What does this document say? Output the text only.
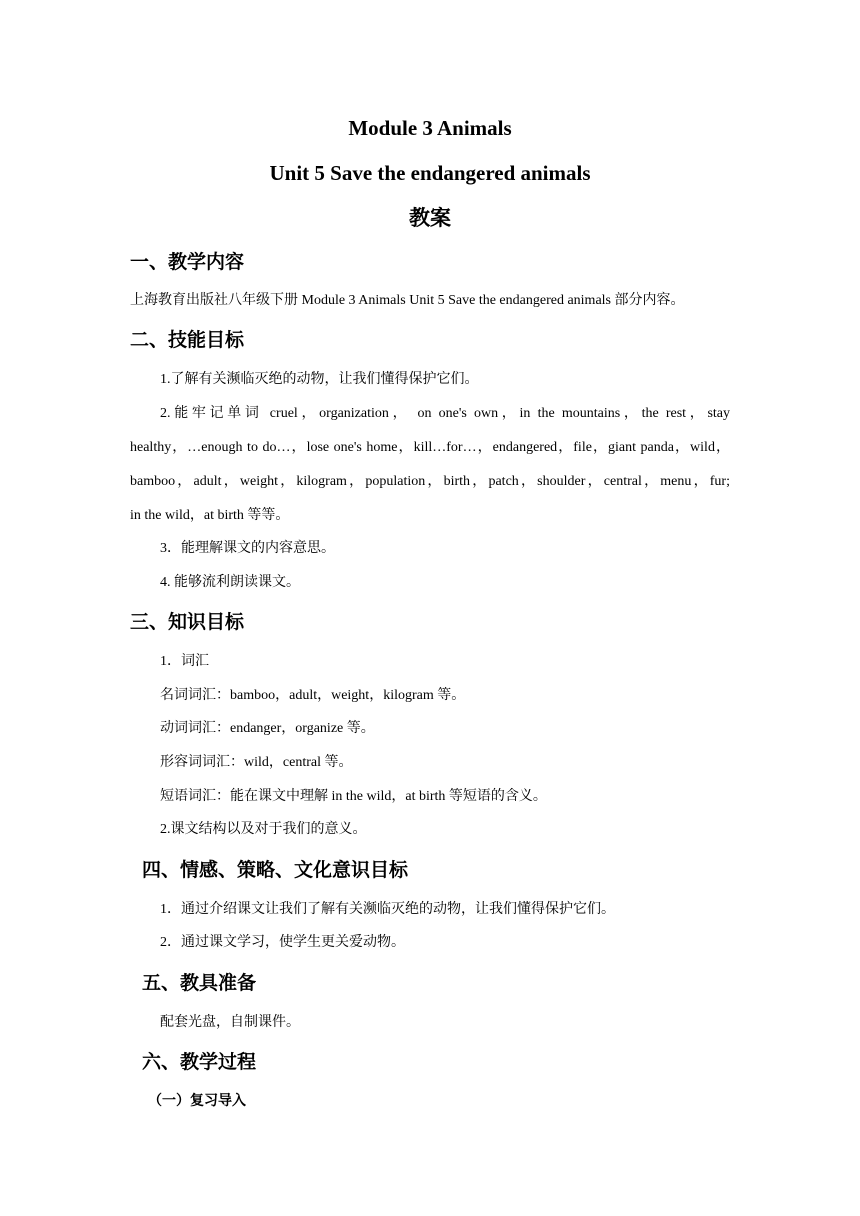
Module 3 Animals
Unit 5 Save the endangered animals
教案
一、教学内容
上海教育出版社八年级下册 Module 3 Animals Unit 5 Save the endangered animals 部分内容。
二、技能目标
1.了解有关濒临灭绝的动物，让我们懂得保护它们。
2.能牢记单词 cruel，organization， on one's own，in the mountains，the rest，stay
healthy，…enough to do…，lose one's home，kill…for…，endangered，file，giant panda，wild，
bamboo，adult，weight，kilogram，population，birth，patch，shoulder，central，menu，fur;
in the wild，at birth 等等。
3．能理解课文的内容意思。
4. 能够流利朗读课文。
三、知识目标
1．词汇
名词词汇：bamboo，adult，weight，kilogram 等。
动词词汇：endanger，organize 等。
形容词词汇：wild，central 等。
短语词汇：能在课文中理解 in the wild，at birth 等短语的含义。
2.课文结构以及对于我们的意义。
四、情感、策略、文化意识目标
1．通过介绍课文让我们了解有关濒临灭绝的动物，让我们懂得保护它们。
2．通过课文学习，使学生更关爱动物。
五、教具准备
配套光盘，自制课件。
六、教学过程
（一）复习导入
